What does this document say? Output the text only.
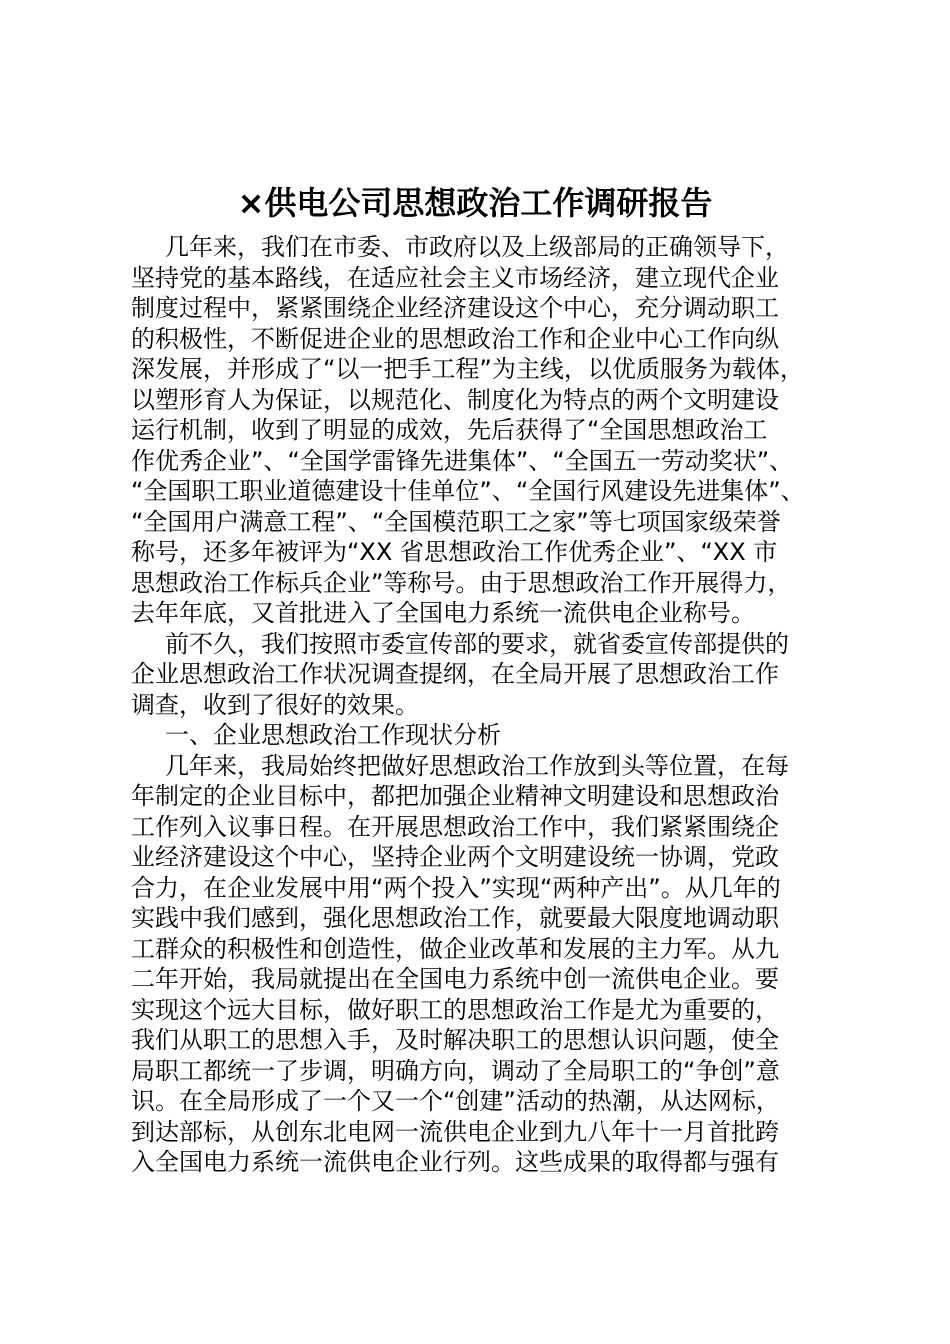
×供电公司思想政治工作调研报告
几年来，我们在市委、市政府以及上级部局的正确领导下，
坚持党的基本路线，在适应社会主义市场经济，建立现代企业
制度过程中，紧紧围绕企业经济建设这个中心，充分调动职工
的积极性，不断促进企业的思想政治工作和企业中心工作向纵
深发展，并形成了“以一把手工程”为主线，以优质服务为载体，
以塑形育人为保证，以规范化、制度化为特点的两个文明建设
运行机制，收到了明显的成效，先后获得了“全国思想政治工
作优秀企业”、“全国学雷锋先进集体”、“全国五一劳动奖状”、
“全国职工职业道德建设十佳单位”、“全国行风建设先进集体”、
“全国用户满意工程”、“全国模范职工之家”等七项国家级荣誉
称号，还多年被评为“XX 省思想政治工作优秀企业”、“XX 市
思想政治工作标兵企业”等称号。由于思想政治工作开展得力，
去年年底，又首批进入了全国电力系统一流供电企业称号。
前不久，我们按照市委宣传部的要求，就省委宣传部提供的
企业思想政治工作状况调查提纲，在全局开展了思想政治工作
调查，收到了很好的效果。
一、企业思想政治工作现状分析
几年来，我局始终把做好思想政治工作放到头等位置，在每
年制定的企业目标中，都把加强企业精神文明建设和思想政治
工作列入议事日程。在开展思想政治工作中，我们紧紧围绕企
业经济建设这个中心，坚持企业两个文明建设统一协调，党政
合力，在企业发展中用“两个投入”实现“两种产出”。从几年的
实践中我们感到，强化思想政治工作，就要最大限度地调动职
工群众的积极性和创造性，做企业改革和发展的主力军。从九
二年开始，我局就提出在全国电力系统中创一流供电企业。要
实现这个远大目标，做好职工的思想政治工作是尤为重要的，
我们从职工的思想入手，及时解决职工的思想认识问题，使全
局职工都统一了步调，明确方向，调动了全局职工的“争创”意
识。在全局形成了一个又一个“创建”活动的热潮，从达网标，
到达部标，从创东北电网一流供电企业到九八年十一月首批跨
入全国电力系统一流供电企业行列。这些成果的取得都与强有
